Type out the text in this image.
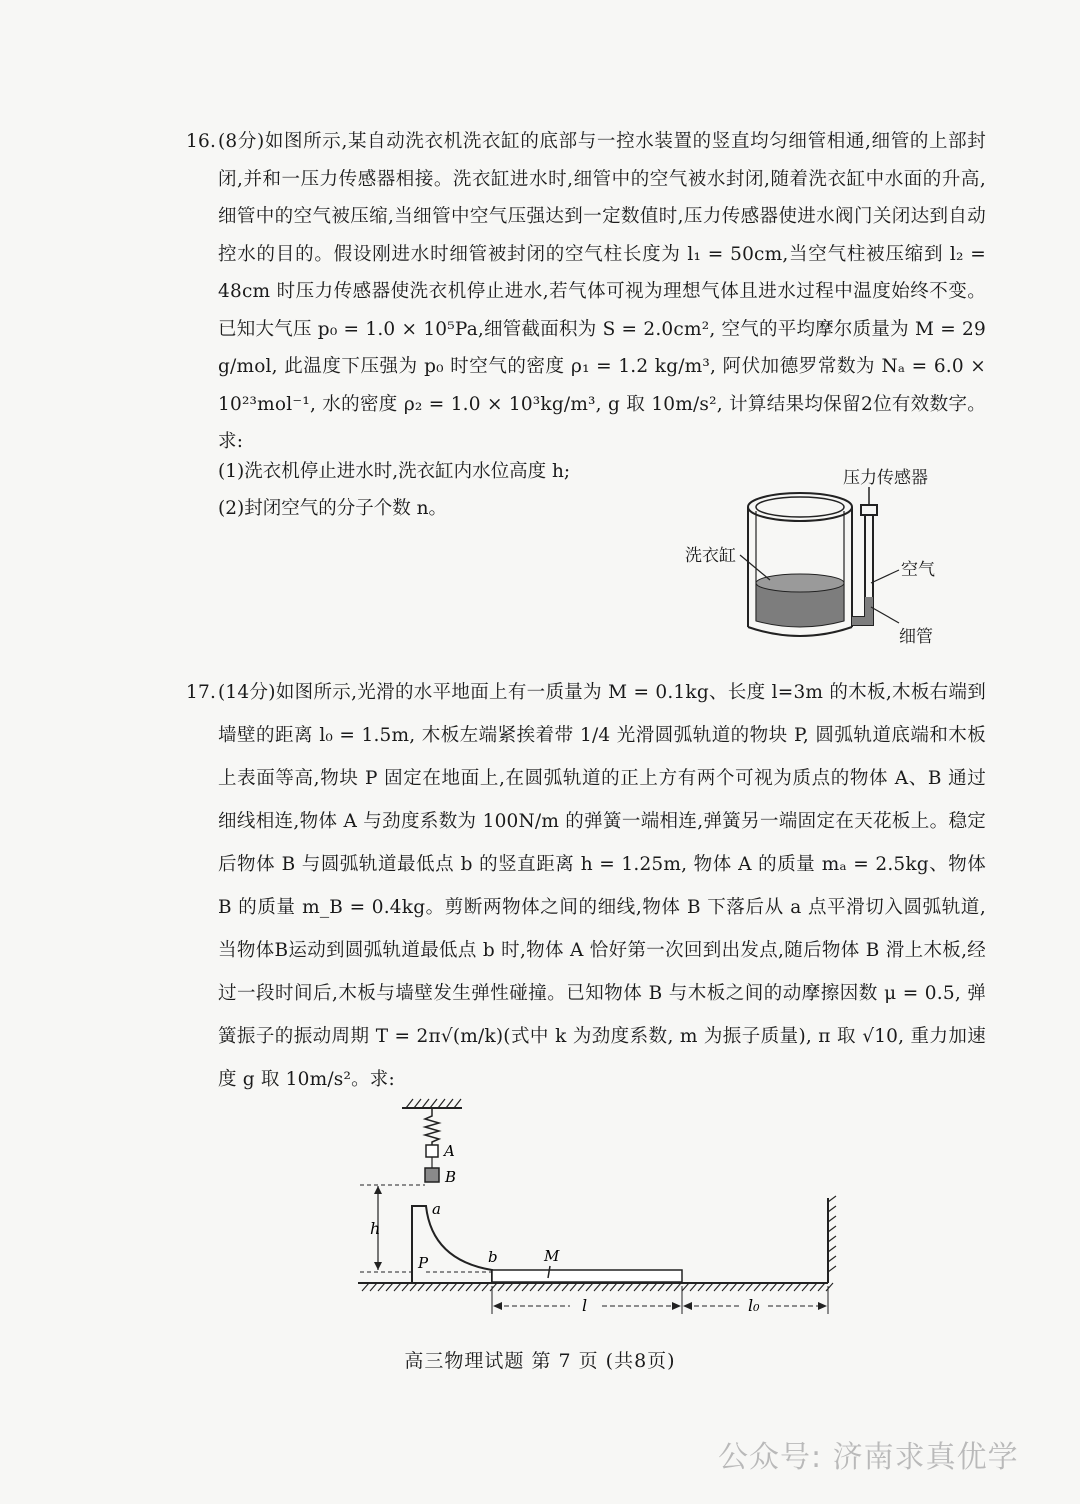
16. (8分)如图所示,某自动洗衣机洗衣缸的底部与一控水装置的竖直均匀细管相通,细管的上部封闭,并和一压力传感器相接。洗衣缸进水时,细管中的空气被水封闭,随着洗衣缸中水面的升高,细管中的空气被压缩,当细管中空气压强达到一定数值时,压力传感器使进水阀门关闭达到自动控水的目的。假设刚进水时细管被封闭的空气柱长度为 l₁ = 50cm,当空气柱被压缩到 l₂ = 48cm 时压力传感器使洗衣机停止进水,若气体可视为理想气体且进水过程中温度始终不变。已知大气压 p₀ = 1.0 × 10⁵Pa,细管截面积为 S = 2.0cm², 空气的平均摩尔质量为 M = 29 g/mol, 此温度下压强为 p₀ 时空气的密度 ρ₁ = 1.2 kg/m³, 阿伏加德罗常数为 Nₐ = 6.0 × 10²³mol⁻¹, 水的密度 ρ₂ = 1.0 × 10³kg/m³, g 取 10m/s², 计算结果均保留2位有效数字。求:
(1)洗衣机停止进水时,洗衣缸内水位高度 h;
(2)封闭空气的分子个数 n。
压力传感器
洗衣缸
空气
细管
17. (14分)如图所示,光滑的水平地面上有一质量为 M = 0.1kg、长度 l=3m 的木板,木板右端到墙壁的距离 l₀ = 1.5m, 木板左端紧挨着带 1/4 光滑圆弧轨道的物块 P, 圆弧轨道底端和木板上表面等高,物块 P 固定在地面上,在圆弧轨道的正上方有两个可视为质点的物体 A、B 通过细线相连,物体 A 与劲度系数为 100N/m 的弹簧一端相连,弹簧另一端固定在天花板上。稳定后物体 B 与圆弧轨道最低点 b 的竖直距离 h = 1.25m, 物体 A 的质量 mₐ = 2.5kg、物体 B 的质量 m_B = 0.4kg。剪断两物体之间的细线,物体 B 下落后从 a 点平滑切入圆弧轨道,当物体B运动到圆弧轨道最低点 b 时,物体 A 恰好第一次回到出发点,随后物体 B 滑上木板,经过一段时间后,木板与墙壁发生弹性碰撞。已知物体 B 与木板之间的动摩擦因数 μ = 0.5, 弹簧振子的振动周期 T = 2π√(m/k)(式中 k 为劲度系数, m 为振子质量), π 取 √10, 重力加速度 g 取 10m/s²。求:
A
B
h
a
P	b	M
l	l₀
高三物理试题 第 7 页 (共8页)
公众号: 济南求真优学
